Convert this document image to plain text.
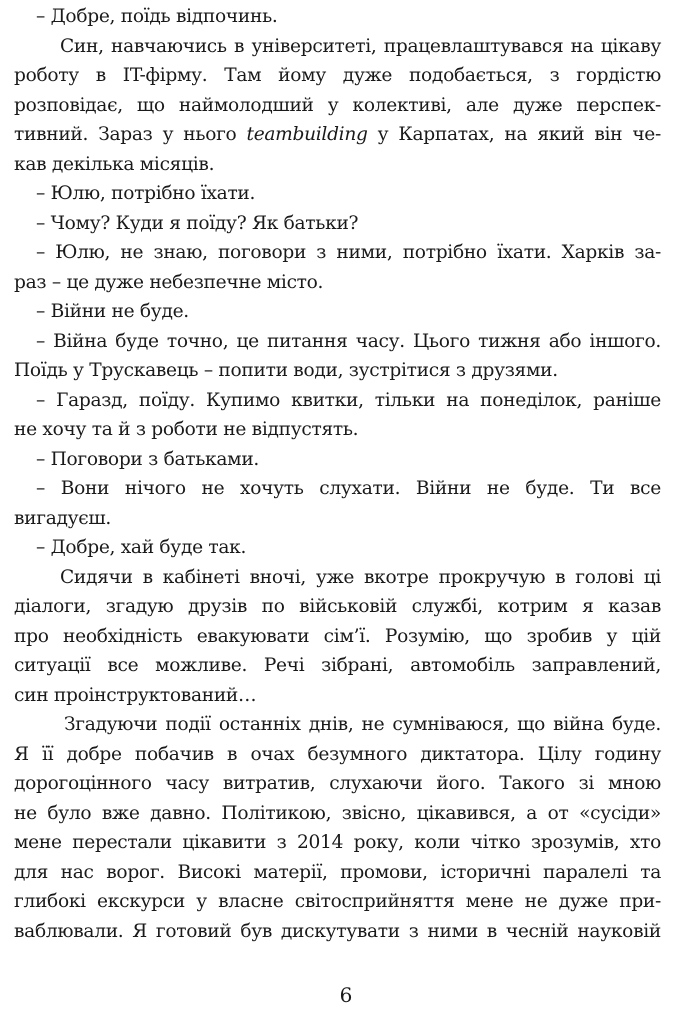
– Добре, поїдь відпочинь.
Син, навчаючись в університеті, працевлаштувався на цікаву
роботу в IT-фірму. Там йому дуже подобається, з гордістю
розповідає, що наймолодший у колективі, але дуже перспек-
тивний. Зараз у нього teambuilding у Карпатах, на який він че-
кав декілька місяців.
– Юлю, потрібно їхати.
– Чому? Куди я поїду? Як батьки?
– Юлю, не знаю, поговори з ними, потрібно їхати. Харків за-
раз – це дуже небезпечне місто.
– Війни не буде.
– Війна буде точно, це питання часу. Цього тижня або іншого.
Поїдь у Трускавець – попити води, зустрітися з друзями.
– Гаразд, поїду. Купимо квитки, тільки на понеділок, раніше
не хочу та й з роботи не відпустять.
– Поговори з батьками.
– Вони нічого не хочуть слухати. Війни не буде. Ти все
вигадуєш.
– Добре, хай буде так.
Сидячи в кабінеті вночі, уже вкотре прокручую в голові ці
діалоги, згадую друзів по військовій службі, котрим я казав
про необхідність евакуювати сім’ї. Розумію, що зробив у цій
ситуації все можливе. Речі зібрані, автомобіль заправлений,
син проінструктований…
Згадуючи події останніх днів, не сумніваюся, що війна буде.
Я її добре побачив в очах безумного диктатора. Цілу годину
дорогоцінного часу витратив, слухаючи його. Такого зі мною
не було вже давно. Політикою, звісно, цікавився, а от «сусіди»
мене перестали цікавити з 2014 року, коли чітко зрозумів, хто
для нас ворог. Високі матерії, промови, історичні паралелі та
глибокі екскурси у власне світосприйняття мене не дуже при-
ваблювали. Я готовий був дискутувати з ними в чесній науковій
6
